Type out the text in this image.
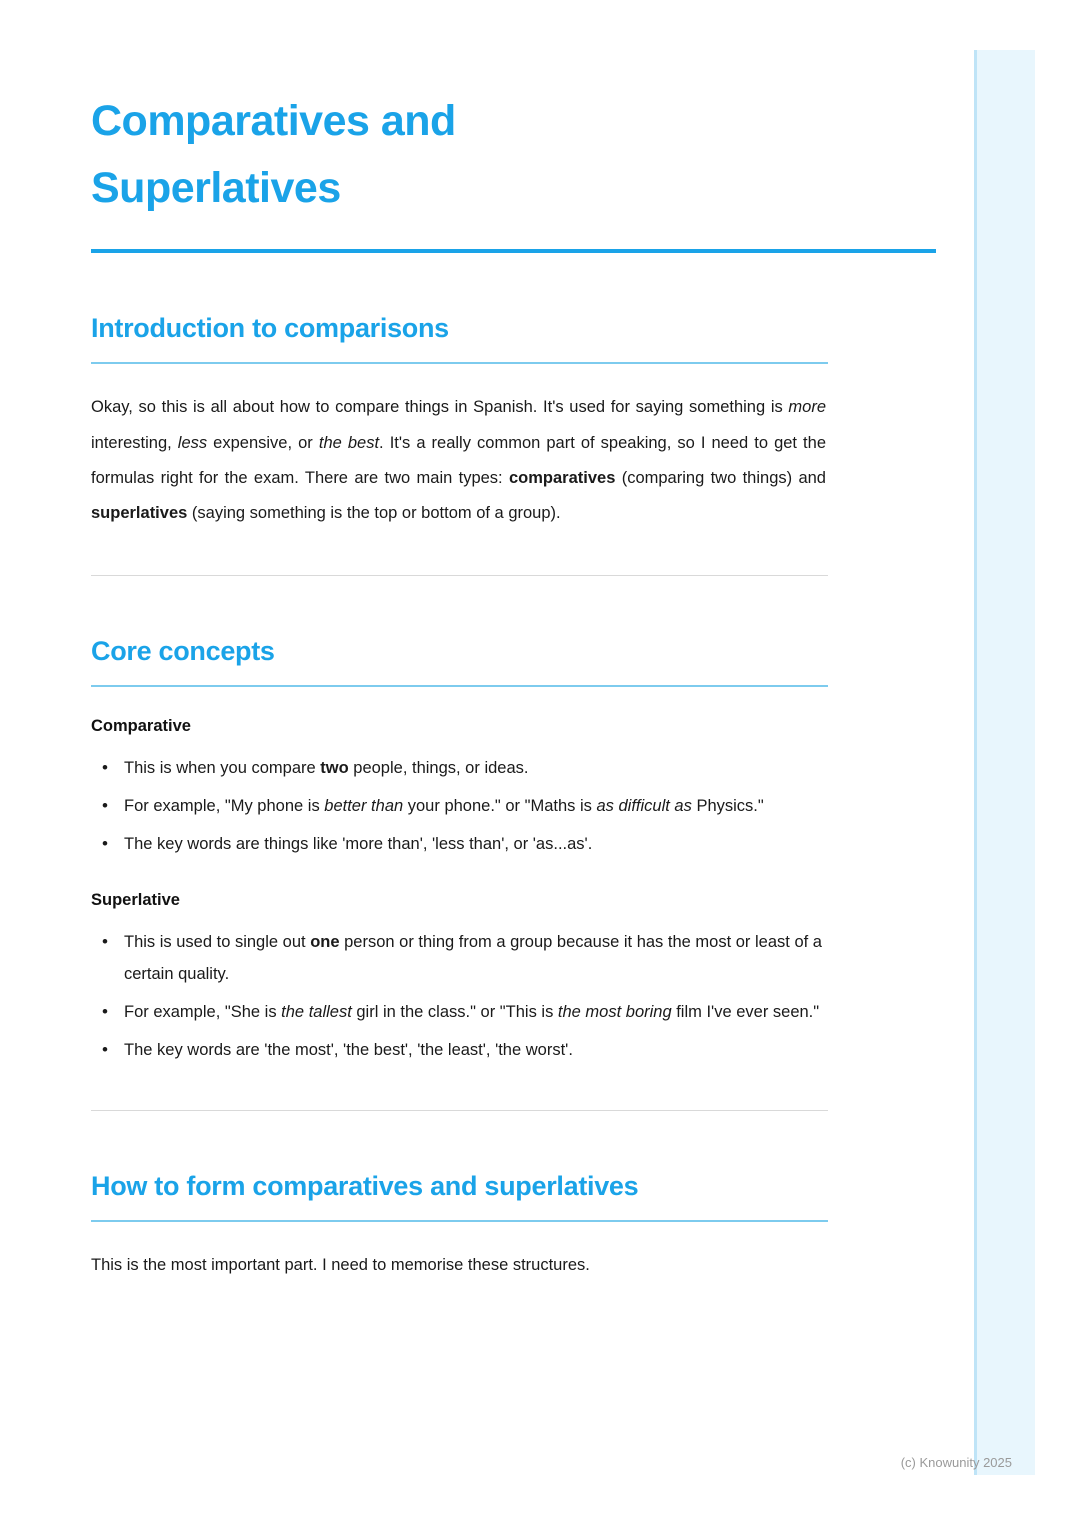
Comparatives and Superlatives
Introduction to comparisons

Okay, so this is all about how to compare things in Spanish. It's used for saying something is more interesting, less expensive, or the best. It's a really common part of speaking, so I need to get the formulas right for the exam. There are two main types: comparatives (comparing two things) and superlatives (saying something is the top or bottom of a group).

Core concepts
Comparative
• This is when you compare two people, things, or ideas.
• For example, "My phone is better than your phone." or "Maths is as difficult as Physics."
• The key words are things like 'more than', 'less than', or 'as...as'.
Superlative
• This is used to single out one person or thing from a group because it has the most or least of a certain quality.
• For example, "She is the tallest girl in the class." or "This is the most boring film I've ever seen."
• The key words are 'the most', 'the best', 'the least', 'the worst'.
How to form comparatives and superlatives

This is the most important part. I need to memorise these structures.

(c) Knowunity 2025
